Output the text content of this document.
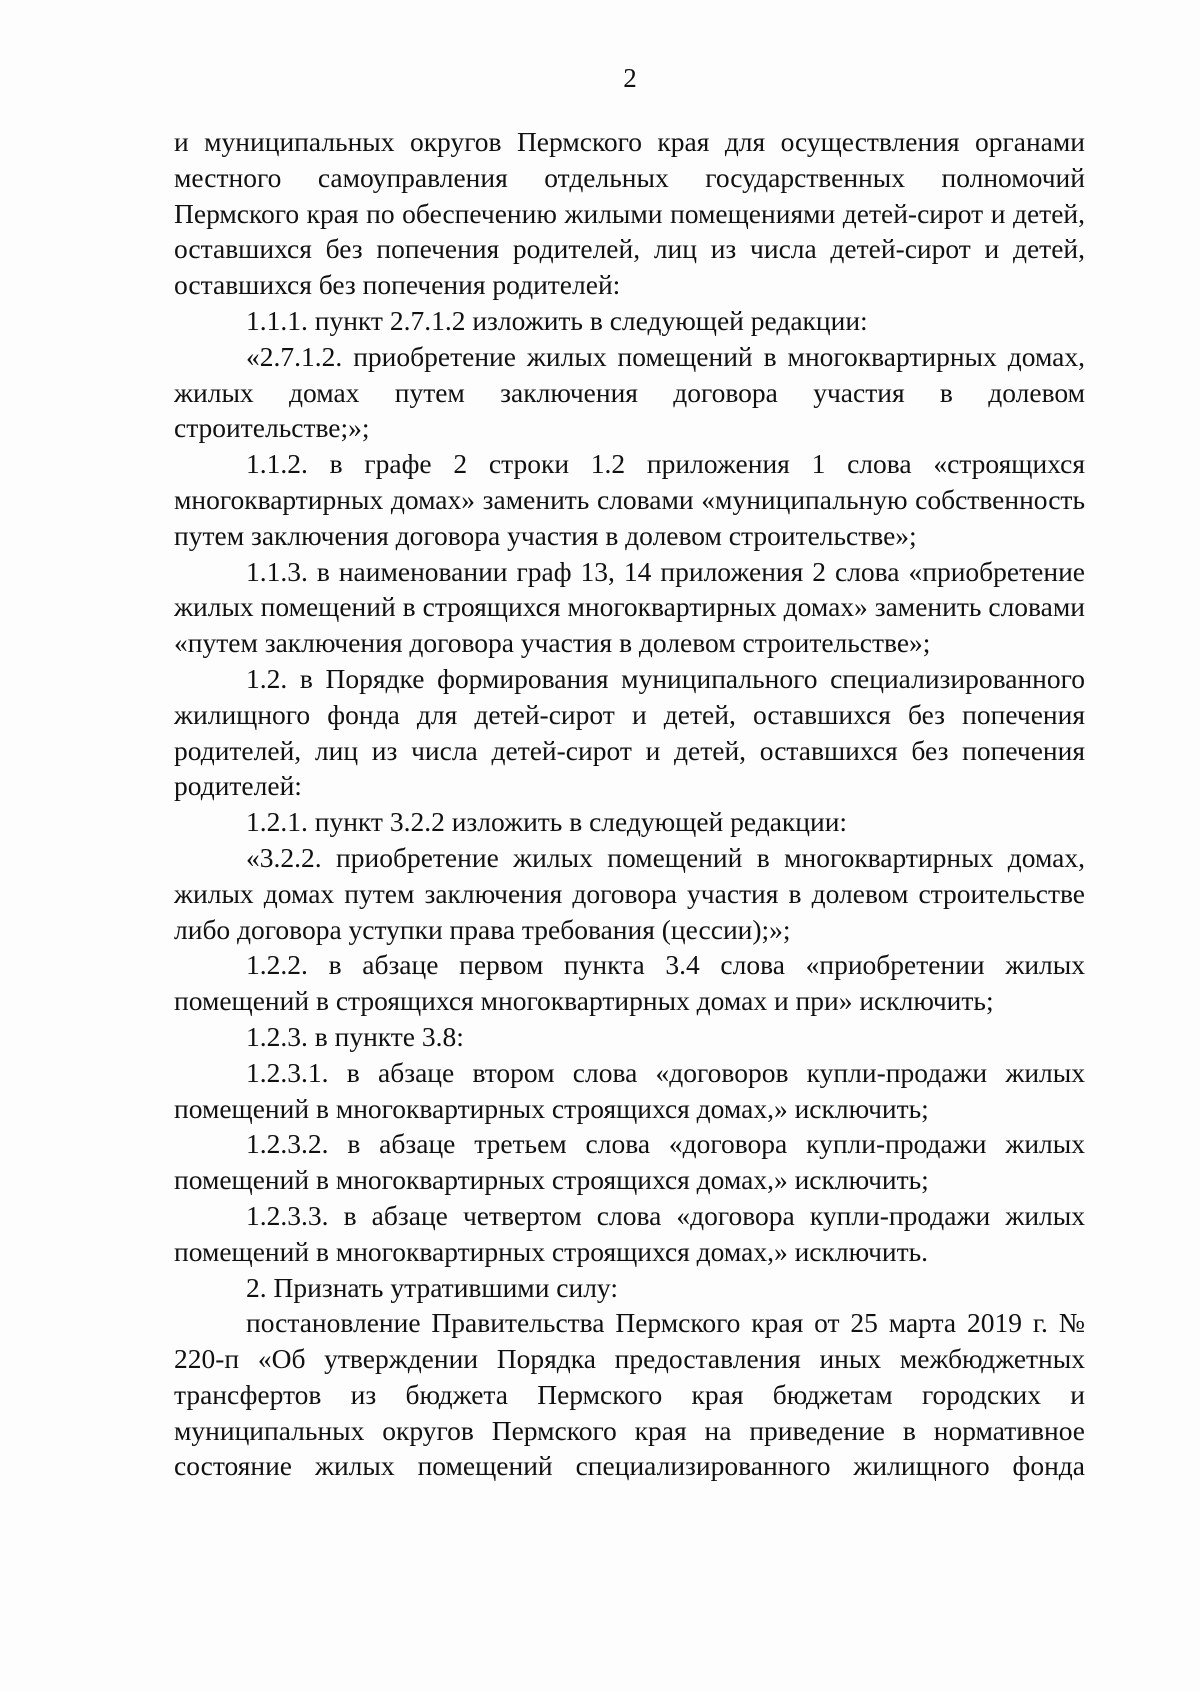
2

и муниципальных округов Пермского края для осуществления органами местного самоуправления отдельных государственных полномочий Пермского края по обеспечению жилыми помещениями детей-сирот и детей, оставшихся без попечения родителей, лиц из числа детей-сирот и детей, оставшихся без попечения родителей:

1.1.1. пункт 2.7.1.2 изложить в следующей редакции:

«2.7.1.2. приобретение жилых помещений в многоквартирных домах, жилых домах путем заключения договора участия в долевом строительстве;»;

1.1.2. в графе 2 строки 1.2 приложения 1 слова «строящихся многоквартирных домах» заменить словами «муниципальную собственность путем заключения договора участия в долевом строительстве»;

1.1.3. в наименовании граф 13, 14 приложения 2 слова «приобретение жилых помещений в строящихся многоквартирных домах» заменить словами «путем заключения договора участия в долевом строительстве»;

1.2. в Порядке формирования муниципального специализированного жилищного фонда для детей-сирот и детей, оставшихся без попечения родителей, лиц из числа детей-сирот и детей, оставшихся без попечения родителей:

1.2.1. пункт 3.2.2 изложить в следующей редакции:

«3.2.2. приобретение жилых помещений в многоквартирных домах, жилых домах путем заключения договора участия в долевом строительстве либо договора уступки права требования (цессии);»;

1.2.2. в абзаце первом пункта 3.4 слова «приобретении жилых помещений в строящихся многоквартирных домах и при» исключить;

1.2.3. в пункте 3.8:

1.2.3.1. в абзаце втором слова «договоров купли-продажи жилых помещений в многоквартирных строящихся домах,» исключить;

1.2.3.2. в абзаце третьем слова «договора купли-продажи жилых помещений в многоквартирных строящихся домах,» исключить;

1.2.3.3. в абзаце четвертом слова «договора купли-продажи жилых помещений в многоквартирных строящихся домах,» исключить.

2. Признать утратившими силу:

постановление Правительства Пермского края от 25 марта 2019 г. № 220-п «Об утверждении Порядка предоставления иных межбюджетных трансфертов из бюджета Пермского края бюджетам городских и муниципальных округов Пермского края на приведение в нормативное состояние жилых помещений специализированного жилищного фонда
